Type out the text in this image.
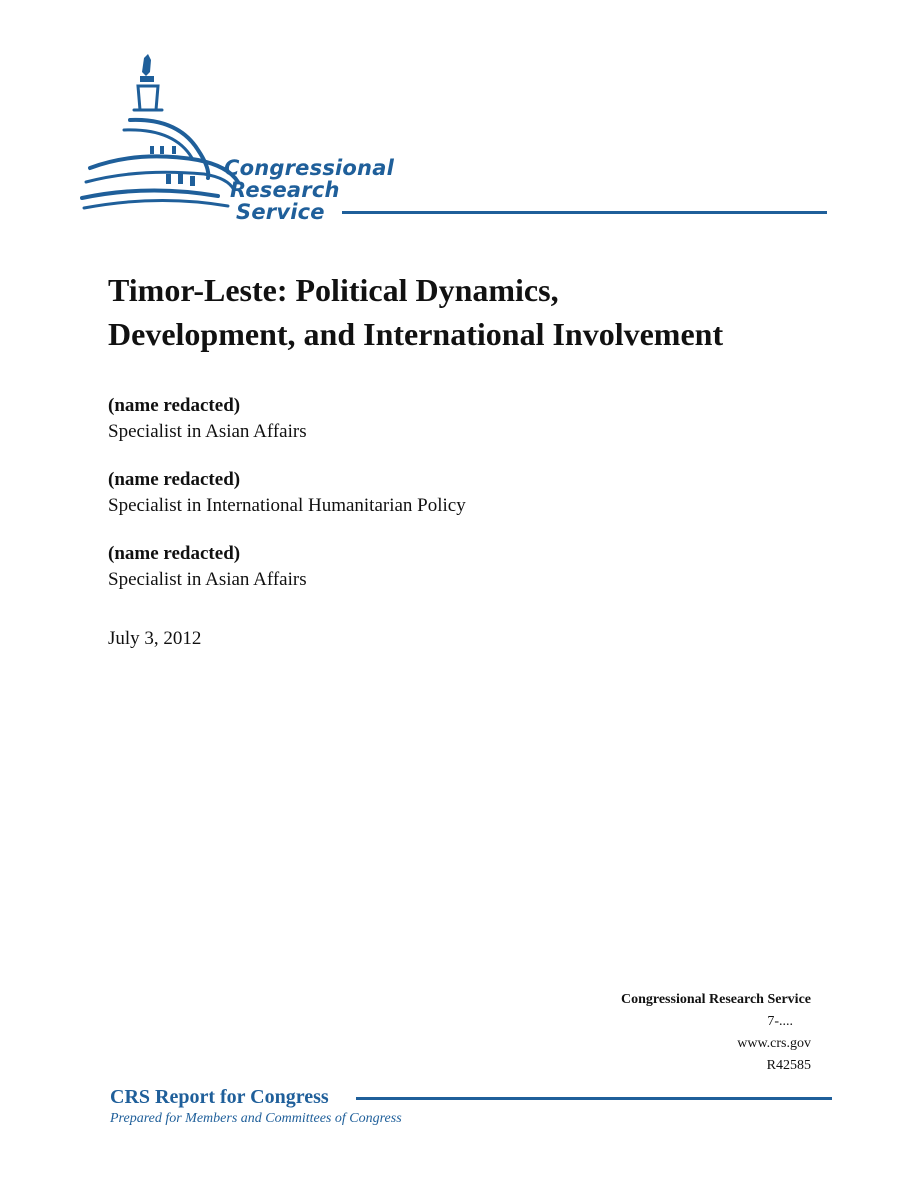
Congressional
Research
Service
Timor-Leste: Political Dynamics,
Development, and International Involvement
(name redacted)
Specialist in Asian Affairs
(name redacted)
Specialist in International Humanitarian Policy
(name redacted)
Specialist in Asian Affairs
July 3, 2012
Congressional Research Service
7-....
www.crs.gov
R42585
CRS Report for Congress
Prepared for Members and Committees of Congress
